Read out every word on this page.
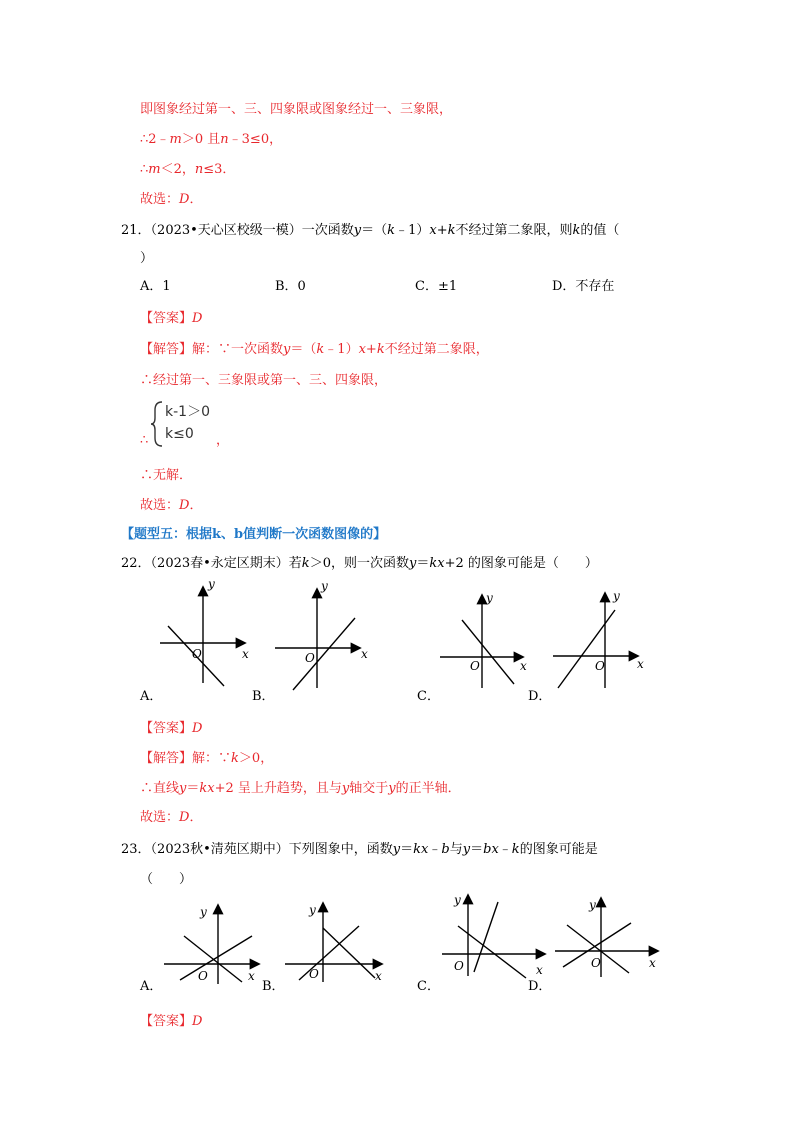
即图象经过第一、三、四象限或图象经过一、三象限，
∴2﹣m＞0 且n﹣3≤0，
∴m＜2，n≤3．
故选：D．
21．（2023•天心区校级一模）一次函数y＝（k﹣1）x+k不经过第二象限，则k的值（
）
A．1	B．0	C．±1	D．不存在
【答案】D
【解答】解：∵一次函数y＝（k﹣1）x+k不经过第二象限，
∴经过第一、三象限或第一、三、四象限，
∴
k-1＞0
k≤0 ，
∴无解．
故选：D．
【题型五：根据k、b值判断一次函数图像的】
22．（2023春•永定区期末）若k＞0，则一次函数y＝kx+2 的图象可能是（　　）
y
x
O
A．
y
x
O
B．
y
x
O
C．
y
x
O
D．
【答案】D
【解答】解：∵k＞0，
∴直线y＝kx+2 呈上升趋势，且与y轴交于y的正半轴．
故选：D．
23．（2023秋•清苑区期中）下列图象中，函数y＝kx﹣b与y＝bx﹣k的图象可能是
（　　）
y
x
O
A．
y
x
O
B．
y
x
O
C．
y
x
O
D．
【答案】D
